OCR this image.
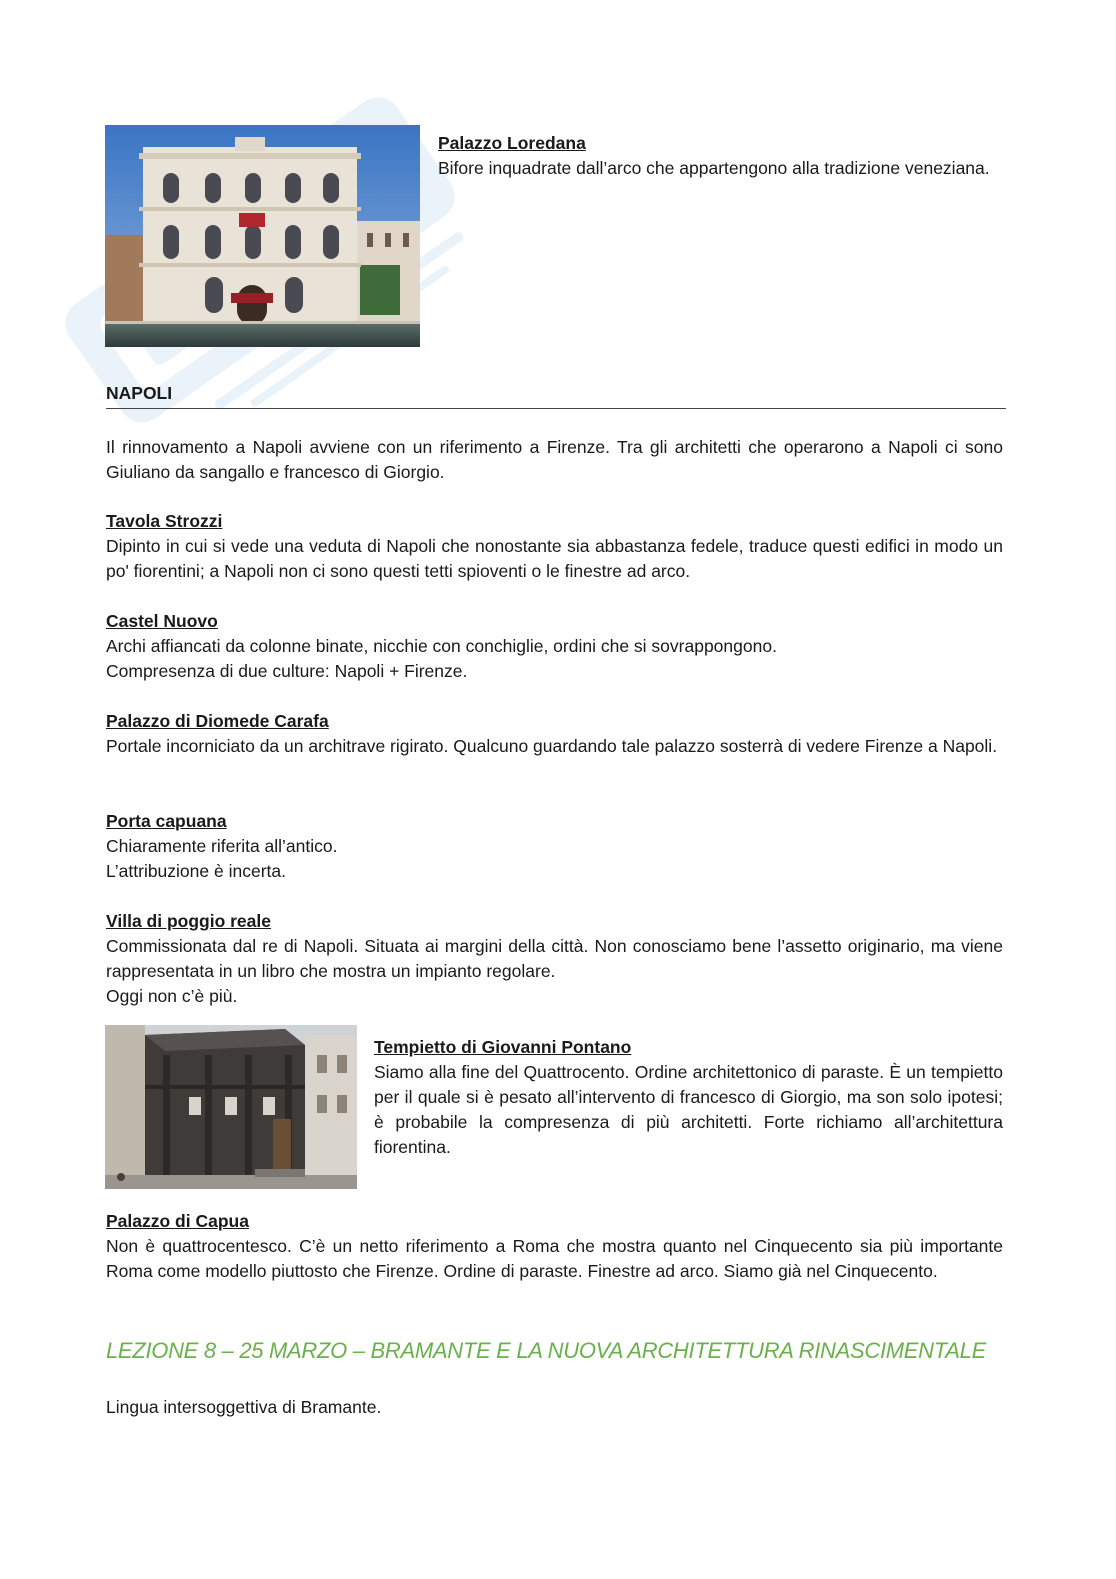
Palazzo Loredana
Bifore inquadrate dall’arco che appartengono alla tradizione veneziana.
NAPOLI
Il rinnovamento a Napoli avviene con un riferimento a Firenze. Tra gli architetti che operarono a Napoli ci sono Giuliano da sangallo e francesco di Giorgio.
Tavola Strozzi
Dipinto in cui si vede una veduta di Napoli che nonostante sia abbastanza fedele, traduce questi edifici in modo un po' fiorentini; a Napoli non ci sono questi tetti spioventi o le finestre ad arco.
Castel Nuovo
Archi affiancati da colonne binate, nicchie con conchiglie, ordini che si sovrappongono.
Compresenza di due culture: Napoli + Firenze.
Palazzo di Diomede Carafa
Portale incorniciato da un architrave rigirato. Qualcuno guardando tale palazzo sosterrà di vedere Firenze a Napoli.
Porta capuana
Chiaramente riferita all’antico.
L’attribuzione è incerta.
Villa di poggio reale
Commissionata dal re di Napoli. Situata ai margini della città. Non conosciamo bene l’assetto originario, ma viene rappresentata in un libro che mostra un impianto regolare.
Oggi non c’è più.
Tempietto di Giovanni Pontano
Siamo alla fine del Quattrocento. Ordine architettonico di paraste. È un tempietto per il quale si è pesato all’intervento di francesco di Giorgio, ma son solo ipotesi; è probabile la compresenza di più architetti. Forte richiamo all’architettura fiorentina.
Palazzo di Capua
Non è quattrocentesco. C’è un netto riferimento a Roma che mostra quanto nel Cinquecento sia più importante Roma come modello piuttosto che Firenze. Ordine di paraste. Finestre ad arco. Siamo già nel Cinquecento.
LEZIONE 8 – 25 MARZO – BRAMANTE E LA NUOVA ARCHITETTURA RINASCIMENTALE
Lingua intersoggettiva di Bramante.
